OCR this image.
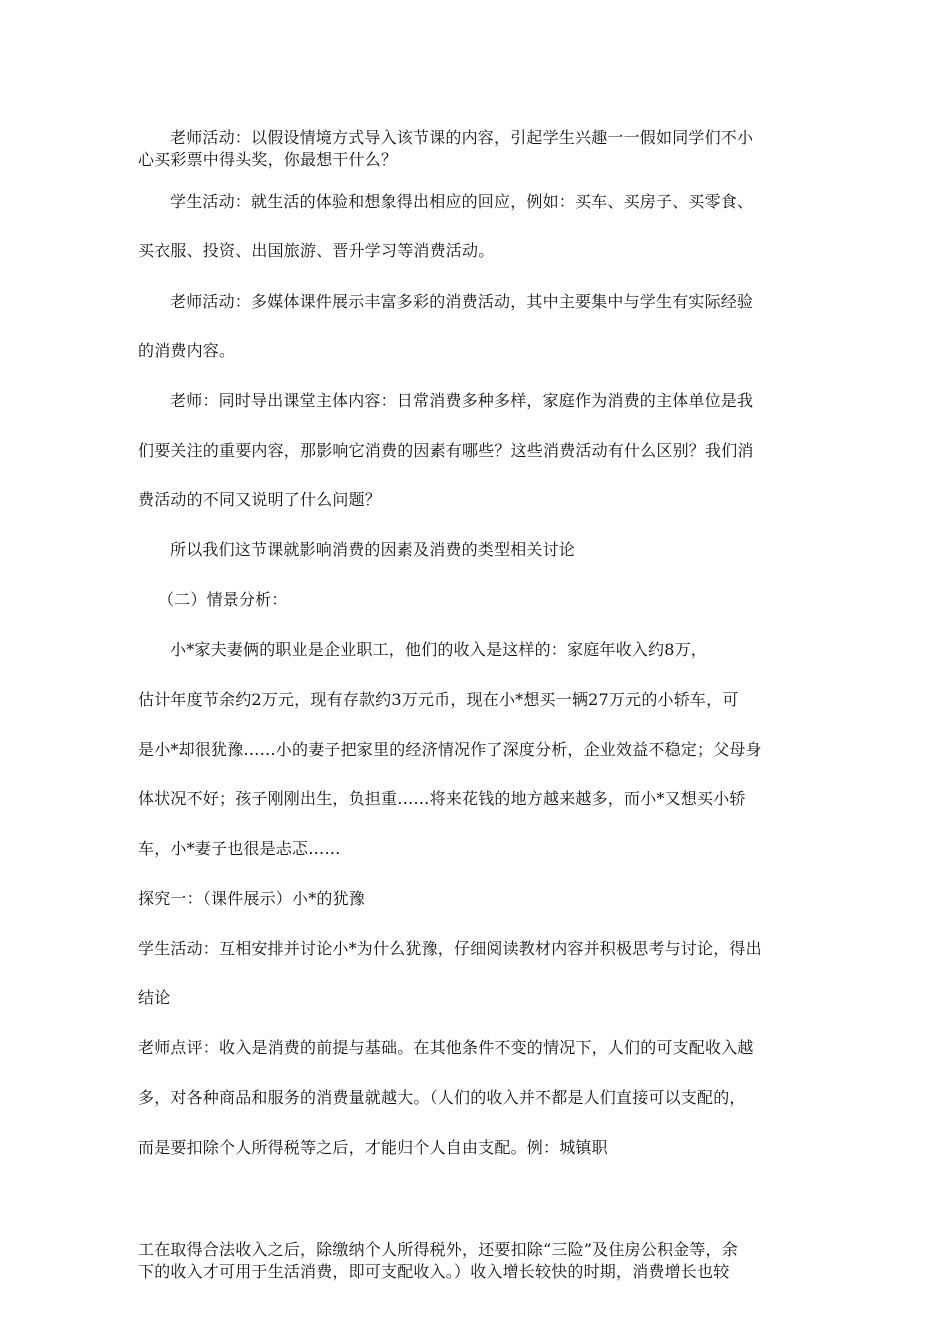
老师活动：以假设情境方式导入该节课的内容，引起学生兴趣一一假如同学们不小
心买彩票中得头奖，你最想干什么？
学生活动：就生活的体验和想象得出相应的回应，例如：买车、买房子、买零食、
买衣服、投资、出国旅游、晋升学习等消费活动。
老师活动：多媒体课件展示丰富多彩的消费活动，其中主要集中与学生有实际经验
的消费内容。
老师：同时导出课堂主体内容：日常消费多种多样，家庭作为消费的主体单位是我
们要关注的重要内容，那影响它消费的因素有哪些？这些消费活动有什么区别？我们消
费活动的不同又说明了什么问题？
所以我们这节课就影响消费的因素及消费的类型相关讨论
（二）情景分析：
小*家夫妻俩的职业是企业职工，他们的收入是这样的：家庭年收入约8万，
估计年度节余约2万元，现有存款约3万元币，现在小*想买一辆27万元的小轿车，可
是小*却很犹豫……小的妻子把家里的经济情况作了深度分析，企业效益不稳定；父母身
体状况不好；孩子刚刚出生，负担重……将来花钱的地方越来越多，而小*又想买小轿
车，小*妻子也很是忐忑……
探究一：（课件展示）小*的犹豫
学生活动：互相安排并讨论小*为什么犹豫，仔细阅读教材内容并积极思考与讨论，得出
结论
老师点评：收入是消费的前提与基础。在其他条件不变的情况下，人们的可支配收入越
多，对各种商品和服务的消费量就越大。（人们的收入并不都是人们直接可以支配的，
而是要扣除个人所得税等之后，才能归个人自由支配。例：城镇职
工在取得合法收入之后，除缴纳个人所得税外，还要扣除“三险”及住房公积金等，余
下的收入才可用于生活消费，即可支配收入。）收入增长较快的时期，消费增长也较
